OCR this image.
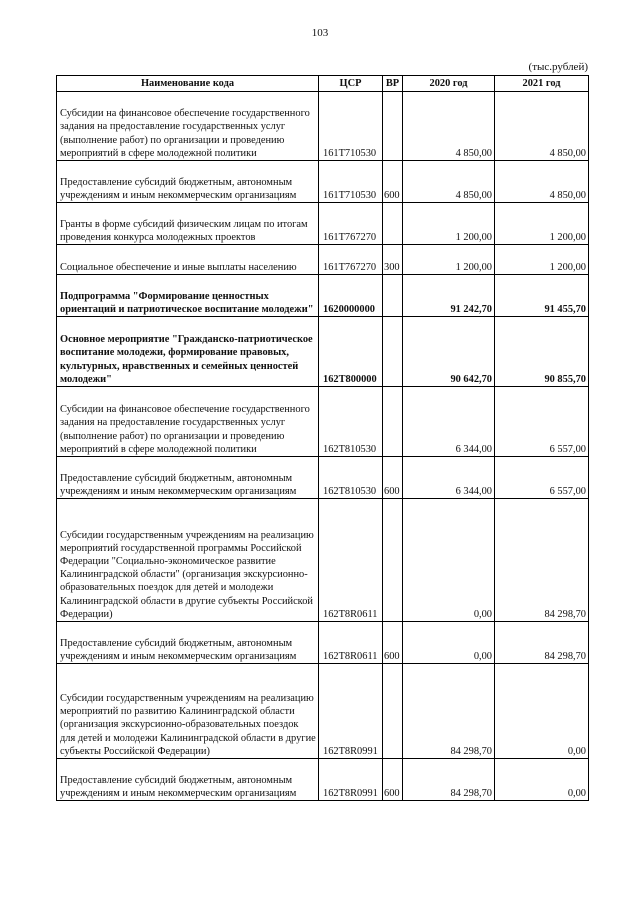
103
(тыс.рублей)
Наименование кода	ЦСР	ВР	2020 год	2021 год
Субсидии на финансовое обеспечение государственного задания на предоставление государственных услуг (выполнение работ) по организации и проведению мероприятий в сфере молодежной политики	161Т710530		4 850,00	4 850,00
Предоставление субсидий бюджетным, автономным учреждениям и иным некоммерческим организациям	161Т710530	600	4 850,00	4 850,00
Гранты в форме субсидий физическим лицам по итогам проведения конкурса молодежных проектов	161Т767270		1 200,00	1 200,00
Социальное обеспечение и иные выплаты населению	161Т767270	300	1 200,00	1 200,00
Подпрограмма "Формирование ценностных ориентаций и патриотическое воспитание молодежи"	1620000000		91 242,70	91 455,70
Основное мероприятие "Гражданско-патриотическое воспитание молодежи, формирование правовых, культурных, нравственных и семейных ценностей молодежи"	162Т800000		90 642,70	90 855,70
Субсидии на финансовое обеспечение государственного задания на предоставление государственных услуг (выполнение работ) по организации и проведению мероприятий в сфере молодежной политики	162Т810530		6 344,00	6 557,00
Предоставление субсидий бюджетным, автономным учреждениям и иным некоммерческим организациям	162Т810530	600	6 344,00	6 557,00
Субсидии государственным учреждениям на реализацию мероприятий государственной программы Российской Федерации "Социально-экономическое развитие Калининградской области" (организация экскурсионно-образовательных поездок для детей и молодежи Калининградской области в другие субъекты Российской Федерации)	162Т8R0611		0,00	84 298,70
Предоставление субсидий бюджетным, автономным учреждениям и иным некоммерческим организациям	162Т8R0611	600	0,00	84 298,70
Субсидии государственным учреждениям на реализацию мероприятий по развитию Калининградской области (организация экскурсионно-образовательных поездок для детей и молодежи Калининградской области в другие субъекты Российской Федерации)	162Т8R0991		84 298,70	0,00
Предоставление субсидий бюджетным, автономным учреждениям и иным некоммерческим организациям	162Т8R0991	600	84 298,70	0,00
